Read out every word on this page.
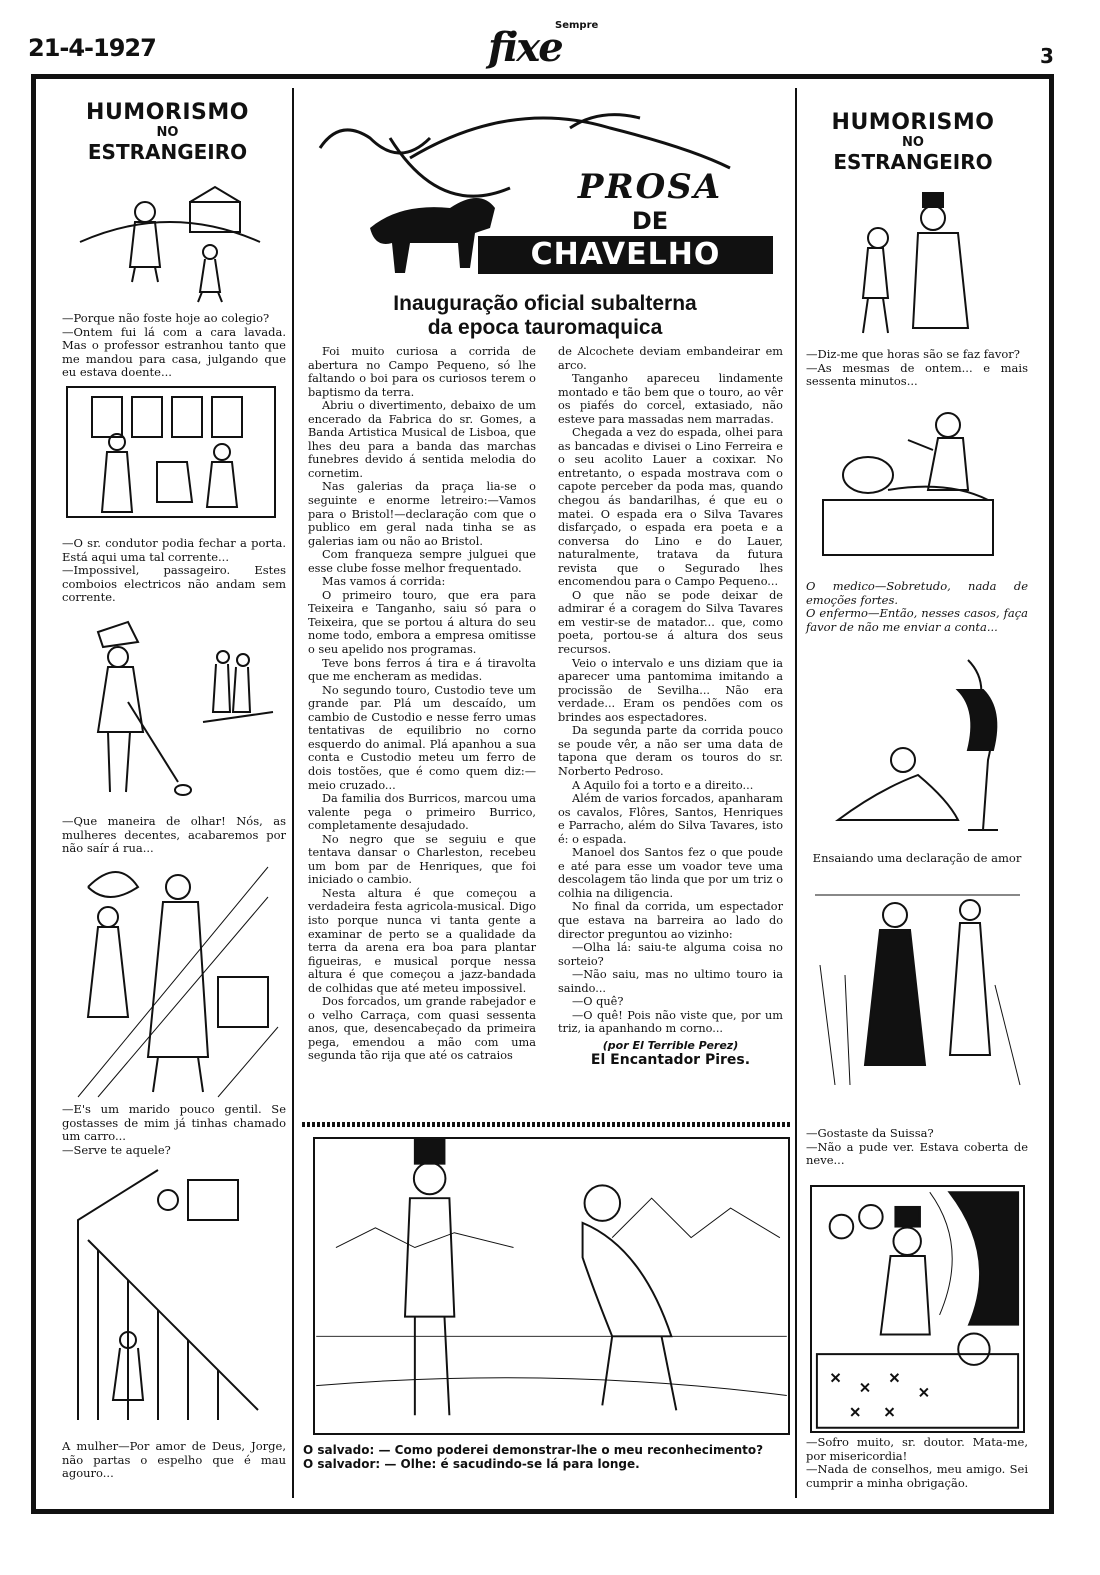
21-4-1927
Sempre
fixe	3
HUMORISMO
NO
ESTRANGEIRO

—Porque não foste hoje ao colegio?
—Ontem fui lá com a cara lavada. Mas o professor estranhou tanto que me mandou para casa, julgando que eu estava doente...

—O sr. condutor podia fechar a porta. Está aqui uma tal corrente...
—Impossivel, passageiro. Estes comboios electricos não andam sem corrente.

—Que maneira de olhar! Nós, as mulheres decentes, acabaremos por não saír á rua...

—E's um marido pouco gentil. Se gostasses de mim já tinhas chamado um carro...
—Serve te aquele?

A mulher—Por amor de Deus, Jorge, não partas o espelho que é mau agouro...

PROSA
DE
CHAVELHO
Inauguração oficial subalterna
da epoca tauromaquica

Foi muito curiosa a corrida de abertura no Campo Pequeno, só lhe faltando o boi para os curiosos terem o baptismo da terra.

Abriu o divertimento, debaixo de um encerado da Fabrica do sr. Gomes, a Banda Artistica Musical de Lisboa, que lhes deu para a banda das marchas funebres devido á sentida melodia do cornetim.

Nas galerias da praça lia-se o seguinte e enorme letreiro:—Vamos para o Bristol!—declaração com que o publico em geral nada tinha se as galerias iam ou não ao Bristol.

Com franqueza sempre julguei que esse clube fosse melhor frequentado.

Mas vamos á corrida:

O primeiro touro, que era para Teixeira e Tanganho, saiu só para o Teixeira, que se portou á altura do seu nome todo, embora a empresa omitisse o seu apelido nos programas.

Teve bons ferros á tira e á tiravolta que me encheram as medidas.

No segundo touro, Custodio teve um grande par. Plá um descaído, um cambio de Custodio e nesse ferro umas tentativas de equilibrio no corno esquerdo do animal. Plá apanhou a sua conta e Custodio meteu um ferro de dois tostões, que é como quem diz:—meio cruzado...

Da familia dos Burricos, marcou uma valente pega o primeiro Burrico, completamente desajudado.

No negro que se seguiu e que tentava dansar o Charleston, recebeu um bom par de Henriques, que foi iniciado o cambio.

Nesta altura é que começou a verdadeira festa agricola-musical. Digo isto porque nunca vi tanta gente a examinar de perto se a qualidade da terra da arena era boa para plantar figueiras, e musical porque nessa altura é que começou a jazz-bandada de colhidas que até meteu impossivel.

Dos forcados, um grande rabejador e o velho Carraça, com quasi sessenta anos, que, desencabeçado da primeira pega, emendou a mão com uma segunda tão rija que até os catraios

de Alcochete deviam embandeirar em arco.

Tanganho apareceu lindamente montado e tão bem que o touro, ao vêr os piafés do corcel, extasiado, não esteve para massadas nem marradas.

Chegada a vez do espada, olhei para as bancadas e divisei o Lino Ferreira e o seu acolito Lauer a coxixar. No entretanto, o espada mostrava com o capote perceber da poda mas, quando chegou ás bandarilhas, é que eu o matei. O espada era o Silva Tavares disfarçado, o espada era poeta e a conversa do Lino e do Lauer, naturalmente, tratava da futura revista que o Segurado lhes encomendou para o Campo Pequeno...

O que não se pode deixar de admirar é a coragem do Silva Tavares em vestir-se de matador... que, como poeta, portou-se á altura dos seus recursos.

Veio o intervalo e uns diziam que ia aparecer uma pantomima imitando a procissão de Sevilha... Não era verdade... Eram os pendões com os brindes aos espectadores.

Da segunda parte da corrida pouco se poude vêr, a não ser uma data de tapona que deram os touros do sr. Norberto Pedroso.

A Aquilo foi a torto e a direito...

Além de varios forcados, apanharam os cavalos, Flôres, Santos, Henriques e Parracho, além do Silva Tavares, isto é: o espada.

Manoel dos Santos fez o que poude e até para esse um voador teve uma descolagem tão linda que por um triz o colhia na diligencia.

No final da corrida, um espectador que estava na barreira ao lado do director preguntou ao vizinho:

—Olha lá: saiu-te alguma coisa no sorteio?

—Não saiu, mas no ultimo touro ia saindo...

—O quê?

—O quê! Pois não viste que, por um triz, ia apanhando m corno...

(por El Terrible Perez)
El Encantador Pires.
O salvado: — Como poderei demonstrar-lhe o meu reconhecimento?
O salvador: — Olhe: é sacudindo-se lá para longe.
HUMORISMO
NO
ESTRANGEIRO

—Diz-me que horas são se faz favor?
—As mesmas de ontem... e mais sessenta minutos...

O medico—Sobretudo, nada de emoções fortes.
O enfermo—Então, nesses casos, faça favor de não me enviar a conta...

Ensaiando uma declaração de amor

—Gostaste da Suissa?
—Não a pude ver. Estava coberta de neve...

—Sofro muito, sr. doutor. Mata-me, por misericordia!
—Nada de conselhos, meu amigo. Sei cumprir a minha obrigação.
